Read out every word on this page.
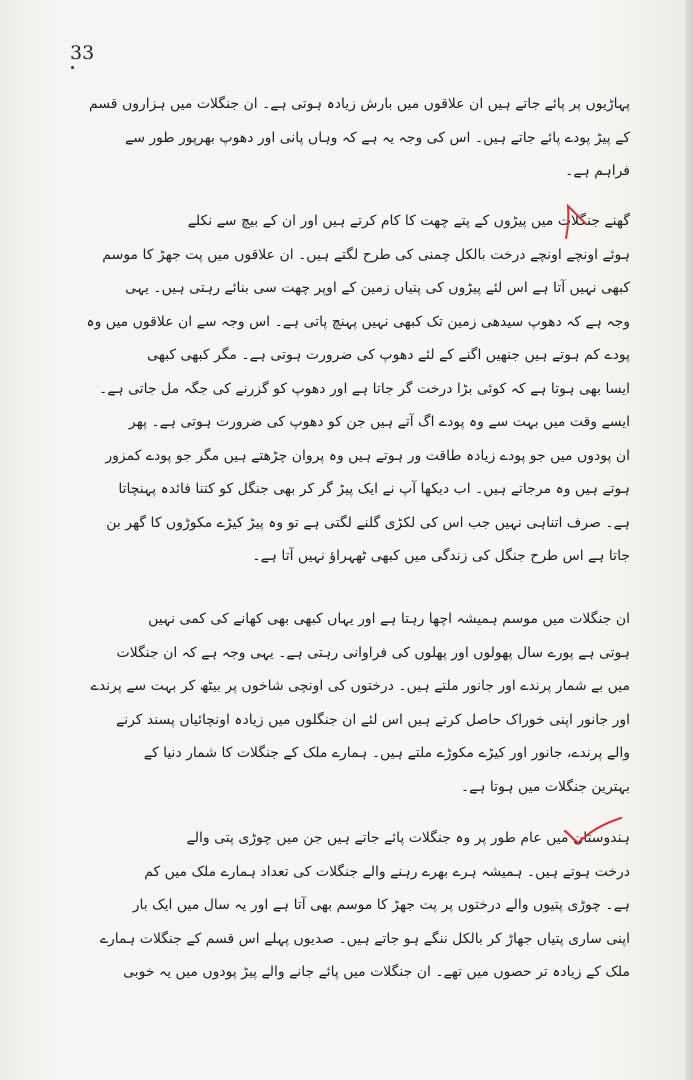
33
پہاڑیوں پر پائے جاتے ہیں ان علاقوں میں بارش زیادہ ہوتی ہے۔ ان جنگلات میں ہزاروں قسم
کے پیڑ پودے پائے جاتے ہیں۔ اس کی وجہ یہ ہے کہ وہاں پانی اور دھوپ بھرپور طور سے
فراہم ہے۔
گھنے جنگلات میں پیڑوں کے پتے چھت کا کام کرتے ہیں اور ان کے بیچ سے نکلے
ہوئے اونچے اونچے درخت بالکل چمنی کی طرح لگتے ہیں۔ ان علاقوں میں پت جھڑ کا موسم
کبھی نہیں آتا ہے اس لئے پیڑوں کی پتیاں زمین کے اوپر چھت سی بنائے رہتی ہیں۔ یہی
وجہ ہے کہ دھوپ سیدھی زمین تک کبھی نہیں پہنچ پاتی ہے۔ اس وجہ سے ان علاقوں میں وہ
پودے کم ہوتے ہیں جنھیں اگنے کے لئے دھوپ کی ضرورت ہوتی ہے۔ مگر کبھی کبھی
ایسا بھی ہوتا ہے کہ کوئی بڑا درخت گر جاتا ہے اور دھوپ کو گزرنے کی جگہ مل جاتی ہے۔
ایسے وقت میں بہت سے وہ پودے اگ آتے ہیں جن کو دھوپ کی ضرورت ہوتی ہے۔ پھر
ان پودوں میں جو پودے زیادہ طاقت ور ہوتے ہیں وہ پروان چڑھتے ہیں مگر جو پودے کمزور
ہوتے ہیں وہ مرجاتے ہیں۔ اب دیکھا آپ نے ایک پیڑ گر کر بھی جنگل کو کتنا فائدہ پہنچاتا
ہے۔ صرف اتناہی نہیں جب اس کی لکڑی گلنے لگتی ہے تو وہ پیڑ کیڑے مکوڑوں کا گھر بن
جاتا ہے اس طرح جنگل کی زندگی میں کبھی ٹھہراؤ نہیں آتا ہے۔
ان جنگلات میں موسم ہمیشہ اچھا رہتا ہے اور یہاں کبھی بھی کھانے کی کمی نہیں
ہوتی ہے پورے سال پھولوں اور پھلوں کی فراوانی رہتی ہے۔ یہی وجہ ہے کہ ان جنگلات
میں بے شمار پرندے اور جانور ملتے ہیں۔ درختوں کی اونچی شاخوں پر بیٹھ کر بہت سے پرندے
اور جانور اپنی خوراک حاصل کرتے ہیں اس لئے ان جنگلوں میں زیادہ اونچائیاں پسند کرنے
والے پرندے، جانور اور کیڑے مکوڑے ملتے ہیں۔ ہمارے ملک کے جنگلات کا شمار دنیا کے
بہترین جنگلات میں ہوتا ہے۔
ہندوستان میں عام طور پر وہ جنگلات پائے جاتے ہیں جن میں چوڑی پتی والے
درخت ہوتے ہیں۔ ہمیشہ ہرے بھرے رہنے والے جنگلات کی تعداد ہمارے ملک میں کم
ہے۔ چوڑی پتیوں والے درختوں پر پت جھڑ کا موسم بھی آتا ہے اور یہ سال میں ایک بار
اپنی ساری پتیاں جھاڑ کر بالکل ننگے ہو جاتے ہیں۔ صدیوں پہلے اس قسم کے جنگلات ہمارے
ملک کے زیادہ تر حصوں میں تھے۔ ان جنگلات میں پائے جانے والے پیڑ پودوں میں یہ خوبی
